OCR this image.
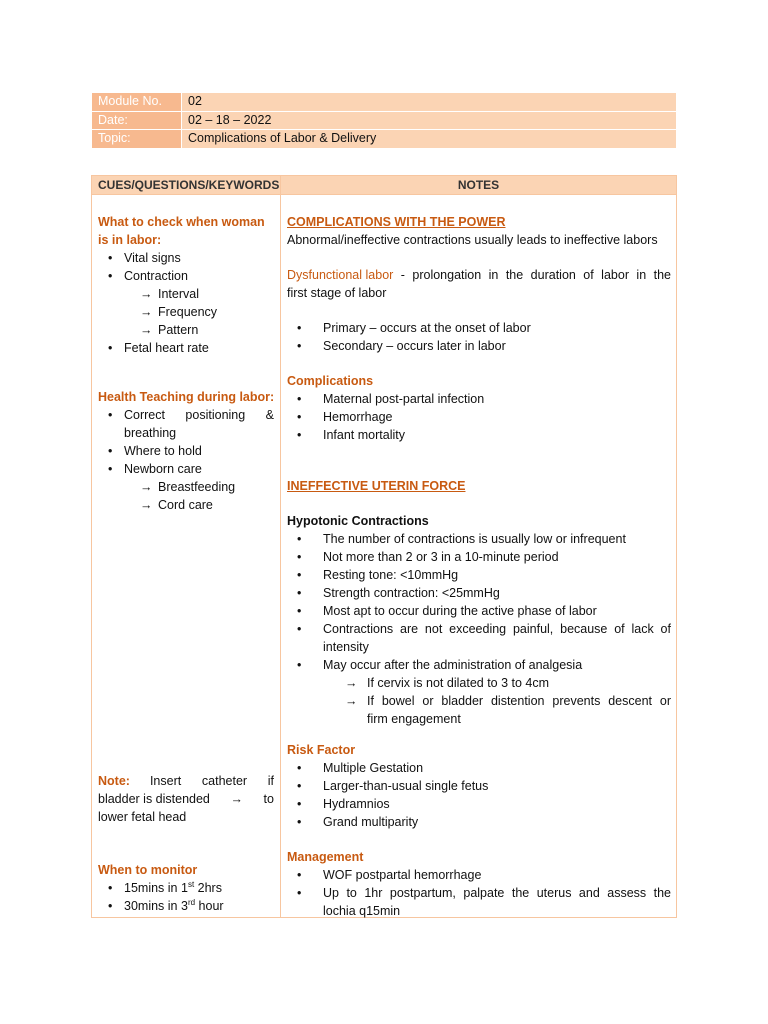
Module No.	02
Date:	02 – 18 – 2022
Topic:	Complications of Labor & Delivery
CUES/QUESTIONS/KEYWORDS	NOTES
What to check when woman
is in labor:
• Vital signs
• Contraction
→ Interval
→ Frequency
→ Pattern
• Fetal heart rate
Health Teaching during labor:
• Correct positioning &
breathing
• Where to hold
• Newborn care
→ Breastfeeding
→ Cord care
Note:	Insert catheter if
bladder is distended → to
lower fetal head
When to monitor
• 15mins in 1st 2hrs
• 30mins in 3rd hour
COMPLICATIONS WITH THE POWER
Abnormal/ineffective contractions usually leads to ineffective labors
Dysfunctional labor - prolongation in the duration of labor in the
first stage of labor
• Primary – occurs at the onset of labor
• Secondary – occurs later in labor
Complications
• Maternal post-partal infection
• Hemorrhage
• Infant mortality
INEFFECTIVE UTERIN FORCE
Hypotonic Contractions
• The number of contractions is usually low or infrequent
• Not more than 2 or 3 in a 10-minute period
• Resting tone: <10mmHg
• Strength contraction: <25mmHg
• Most apt to occur during the active phase of labor
• Contractions are not exceeding painful, because of lack of
intensity
• May occur after the administration of analgesia
→ If cervix is not dilated to 3 to 4cm
→ If bowel or bladder distention prevents descent or
firm engagement
Risk Factor
• Multiple Gestation
• Larger-than-usual single fetus
• Hydramnios
• Grand multiparity
Management
• WOF postpartal hemorrhage
• Up to 1hr postpartum, palpate the uterus and assess the
lochia q15min
